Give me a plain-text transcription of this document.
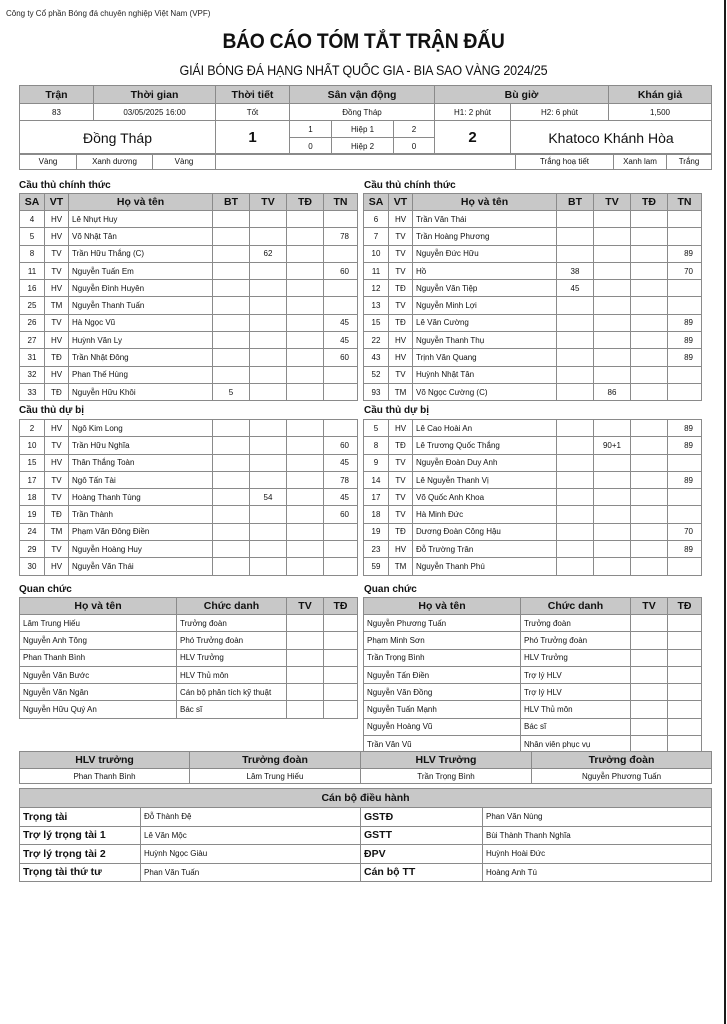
Công ty Cổ phần Bóng đá chuyên nghiệp Việt Nam (VPF)
BÁO CÁO TÓM TẮT TRẬN ĐẤU
GIẢI BÓNG ĐÁ HẠNG NHẤT QUỐC GIA - BIA SAO VÀNG 2024/25
Trận	Thời gian	Thời tiết	Sân vận động			Bù giờ		Khán giả
83	03/05/2025 16:00	Tốt	Đồng Tháp			H1: 2 phút	H2: 6 phút	1,500
Đồng Tháp		1	1	Hiệp 1	2	2	Khatoco Khánh Hòa	
			0	Hiệp 2	0			
Vàng	Xanh dương	Vàng		Trắng hoạ tiết	Xanh lam	Trắng
Cầu thủ chính thức	Cầu thủ chính thức
Cầu thủ dự bị	Cầu thủ dự bị
Quan chức	Quan chức
SA	VT	Họ và tên	BT	TV	TĐ	TN
4	HV	Lê Nhựt Huy				
5	HV	Võ Nhật Tân				78
8	TV	Trần Hữu Thắng (C)		62		
11	TV	Nguyễn Tuấn Em				60
16	HV	Nguyễn Đình Huyên				
25	TM	Nguyễn Thanh Tuấn				
26	TV	Hà Ngọc Vũ				45
27	HV	Huỳnh Văn Ly				45
31	TĐ	Trần Nhật Đông				60
32	HV	Phan Thế Hùng				
33	TĐ	Nguyễn Hữu Khôi	5			
SA	VT	Họ và tên	BT	TV	TĐ	TN
6	HV	Trần Văn Thái				
7	TV	Trần Hoàng Phương				
10	TV	Nguyễn Đức Hữu				89
11	TV	Hồ	38			70
12	TĐ	Nguyễn Văn Tiệp	45			
13	TV	Nguyễn Minh Lợi				
15	TĐ	Lê Văn Cường				89
22	HV	Nguyễn Thanh Thụ				89
43	HV	Trịnh Văn Quang				89
52	TV	Huỳnh Nhật Tân				
93	TM	Võ Ngọc Cường (C)		86		
2	HV	Ngô Kim Long				
10	TV	Trần Hữu Nghĩa				60
15	HV	Thân Thắng Toàn				45
17	TV	Ngô Tấn Tài				78
18	TV	Hoàng Thanh Tùng		54		45
19	TĐ	Trần Thành				60
24	TM	Phạm Văn Đông Điền				
29	TV	Nguyễn Hoàng Huy				
30	HV	Nguyễn Văn Thái				
5	HV	Lê Cao Hoài An				89
8	TĐ	Lê Trương Quốc Thắng		90+1		89
9	TV	Nguyễn Đoàn Duy Anh				
14	TV	Lê Nguyễn Thanh Vị				89
17	TV	Võ Quốc Anh Khoa				
18	TV	Hà Minh Đức				
19	TĐ	Dương Đoàn Công Hậu				70
23	HV	Đỗ Trường Trân				89
59	TM	Nguyễn Thanh Phú				
Họ và tên	Chức danh	TV	TĐ
Lâm Trung Hiếu	Trưởng đoàn		
Nguyễn Anh Tông	Phó Trưởng đoàn		
Phan Thanh Bình	HLV Trưởng		
Nguyễn Văn Bước	HLV Thủ môn		
Nguyễn Văn Ngân	Cán bộ phân tích kỹ thuật		
Nguyễn Hữu Quý An	Bác sĩ		
Họ và tên	Chức danh	TV	TĐ
Nguyễn Phương Tuấn	Trưởng đoàn		
Phạm Minh Sơn	Phó Trưởng đoàn		
Trần Trọng Bình	HLV Trưởng		
Nguyễn Tấn Điền	Trợ lý HLV		
Nguyễn Văn Đồng	Trợ lý HLV		
Nguyễn Tuấn Mạnh	HLV Thủ môn		
Nguyễn Hoàng Vũ	Bác sĩ		
Trần Văn Vũ	Nhân viên phục vụ		
HLV trưởng	Trưởng đoàn	HLV Trưởng	Trưởng đoàn
Phan Thanh Bình	Lâm Trung Hiếu	Trần Trọng Bình	Nguyễn Phương Tuấn
Cán bộ điều hành			
Trọng tài	Đỗ Thành Đệ	GSTĐ	Phan Văn Nùng
Trợ lý trọng tài 1	Lê Văn Mộc	GSTT	Bùi Thành Thanh Nghĩa
Trợ lý trọng tài 2	Huỳnh Ngọc Giàu	ĐPV	Huỳnh Hoài Đức
Trọng tài thứ tư	Phan Văn Tuấn	Cán bộ TT	Hoàng Anh Tú
